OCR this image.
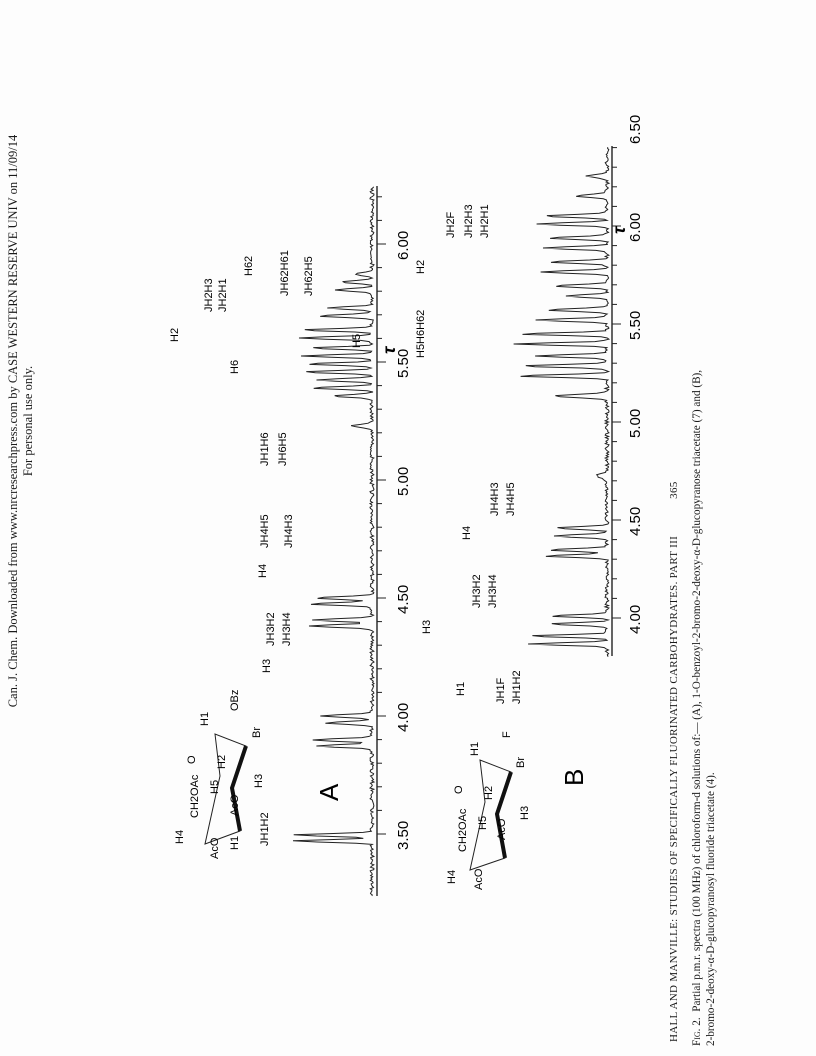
Can. J. Chem. Downloaded from www.nrcresearchpress.com by CASE WESTERN RESERVE UNIV on 11/09/14 For personal use only.
HALL AND MANVILLE: STUDIES OF SPECIFICALLY FLUORINATED CARBOHYDRATES. PART III 365
Fig. 2.  Partial p.m.r. spectra (100 MHz) of chloroform-d solutions of:— (A), 1-O-benzoyl-2-bromo-2-deoxy-α-D-glucopyranose triacetate (7) and (B), 2-bromo-2-deoxy-α-D-glucopyranosyl fluoride triacetate (4).
3.50
4.00
4.50
5.00
5.50
6.00
τ
A
H4
CH2OAc
O H2
H1
Br
OBz
H5
AcO
AcO
H3
H1 JH1H2
H3
JH3H2 JH3H4
H4
JH4H5 JH4H3
H6
JH1H6 JH6H5
H2
JH2H3 JH2H1
H62 JH62H61 JH62H5
H5
4.00
4.50
5.00
5.50
6.00
6.50
τ
B
H4
CH2OAc
O H2
H1
Br
F
H5
AcO
AcO
H3
H1	JH1F JH1H2
H3
JH3H2 JH3H4
H4
JH4H3 JH4H5
H5H6H62
H2
JH2F JH2H3 JH2H1
